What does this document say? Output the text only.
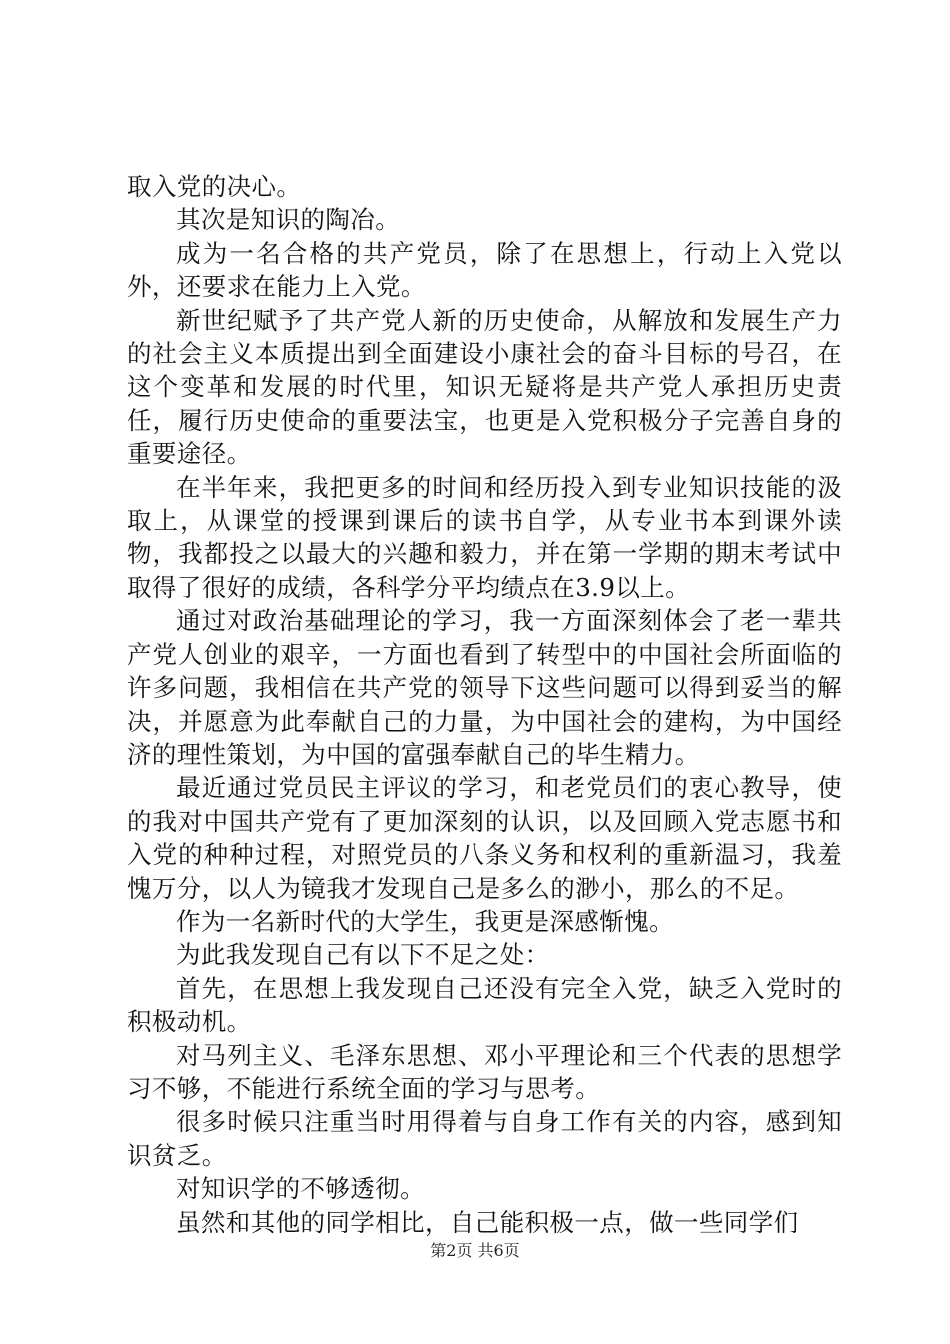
取入党的决心。

其次是知识的陶冶。

成为一名合格的共产党员，除了在思想上，行动上入党以外，还要求在能力上入党。

新世纪赋予了共产党人新的历史使命，从解放和发展生产力的社会主义本质提出到全面建设小康社会的奋斗目标的号召，在这个变革和发展的时代里，知识无疑将是共产党人承担历史责任，履行历史使命的重要法宝，也更是入党积极分子完善自身的重要途径。

在半年来，我把更多的时间和经历投入到专业知识技能的汲取上，从课堂的授课到课后的读书自学，从专业书本到课外读物，我都投之以最大的兴趣和毅力，并在第一学期的期末考试中取得了很好的成绩，各科学分平均绩点在3.9以上。

通过对政治基础理论的学习，我一方面深刻体会了老一辈共产党人创业的艰辛，一方面也看到了转型中的中国社会所面临的许多问题，我相信在共产党的领导下这些问题可以得到妥当的解决，并愿意为此奉献自己的力量，为中国社会的建构，为中国经济的理性策划，为中国的富强奉献自己的毕生精力。

最近通过党员民主评议的学习，和老党员们的衷心教导，使的我对中国共产党有了更加深刻的认识，以及回顾入党志愿书和入党的种种过程，对照党员的八条义务和权利的重新温习，我羞愧万分，以人为镜我才发现自己是多么的渺小，那么的不足。

作为一名新时代的大学生，我更是深感惭愧。

为此我发现自己有以下不足之处：

首先，在思想上我发现自己还没有完全入党，缺乏入党时的积极动机。

对马列主义、毛泽东思想、邓小平理论和三个代表的思想学习不够，不能进行系统全面的学习与思考。

很多时候只注重当时用得着与自身工作有关的内容，感到知识贫乏。

对知识学的不够透彻。

虽然和其他的同学相比，自己能积极一点，做一些同学们

第2页 共6页
